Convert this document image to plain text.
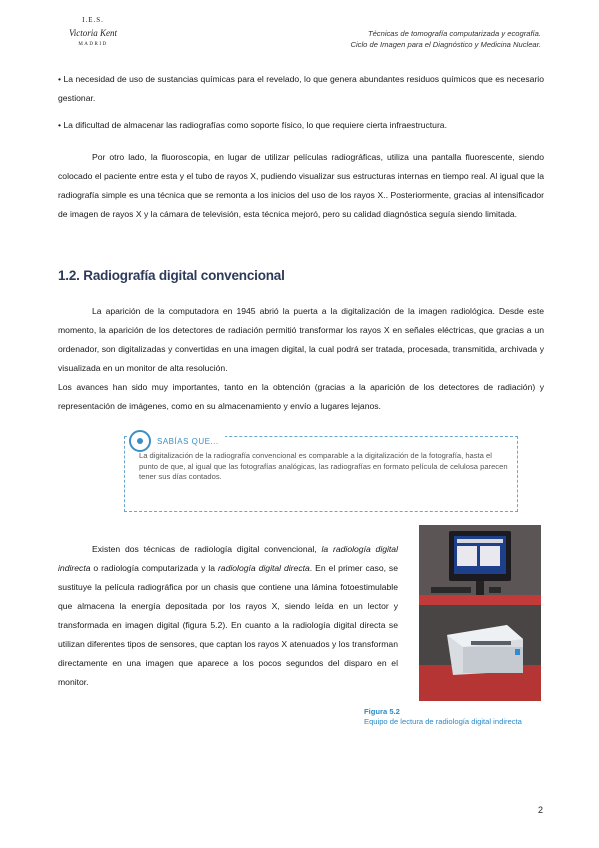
I.E.S.
Victoria Kent
MADRID
Técnicas de tomografía computarizada y ecografía.
Ciclo de Imagen para el Diagnóstico y Medicina Nuclear.

• La necesidad de uso de sustancias químicas para el revelado, lo que genera abundantes residuos químicos que es necesario gestionar.

• La dificultad de almacenar las radiografías como soporte físico, lo que requiere cierta infraestructura.

Por otro lado, la fluoroscopia, en lugar de utilizar películas radiográficas, utiliza una pantalla fluorescente, siendo colocado el paciente entre esta y el tubo de rayos X, pudiendo visualizar sus estructuras internas en tiempo real. Al igual que la radiografía simple es una técnica que se remonta a los inicios del uso de los rayos X.. Posteriormente, gracias al intensificador de imagen de rayos X y la cámara de televisión, esta técnica mejoró, pero su calidad diagnóstica seguía siendo limitada.

1.2. Radiografía digital convencional

La aparición de la computadora en 1945 abrió la puerta a la digitalización de la imagen radiológica. Desde este momento, la aparición de los detectores de radiación permitió transformar los rayos X en señales eléctricas, que gracias a un ordenador, son digitalizadas y convertidas en una imagen digital, la cual podrá ser tratada, procesada, transmitida, archivada y visualizada en un monitor de alta resolución.

Los avances han sido muy importantes, tanto en la obtención (gracias a la aparición de los detectores de radiación) y representación de imágenes, como en su almacenamiento y envío a lugares lejanos.

SABÍAS QUE...

La digitalización de la radiografía convencional es comparable a la digitalización de la fotografía, hasta el punto de que, al igual que las fotografías analógicas, las radiografías en formato película de celulosa parecen tener sus días contados.

Existen dos técnicas de radiología digital convencional, la radiología digital indirecta o radiología computarizada y la radiología digital directa. En el primer caso, se sustituye la película radiográfica por un chasis que contiene una lámina fotoestimulable que almacena la energía depositada por los rayos X, siendo leída en un lector y transformada en imagen digital (figura 5.2). En cuanto a la radiología digital directa se utilizan diferentes tipos de sensores, que captan los rayos X atenuados y los transforman directamente en una imagen que aparece a los pocos segundos del disparo en el monitor.

Figura 5.2
Equipo de lectura de radiología digital indirecta
2
